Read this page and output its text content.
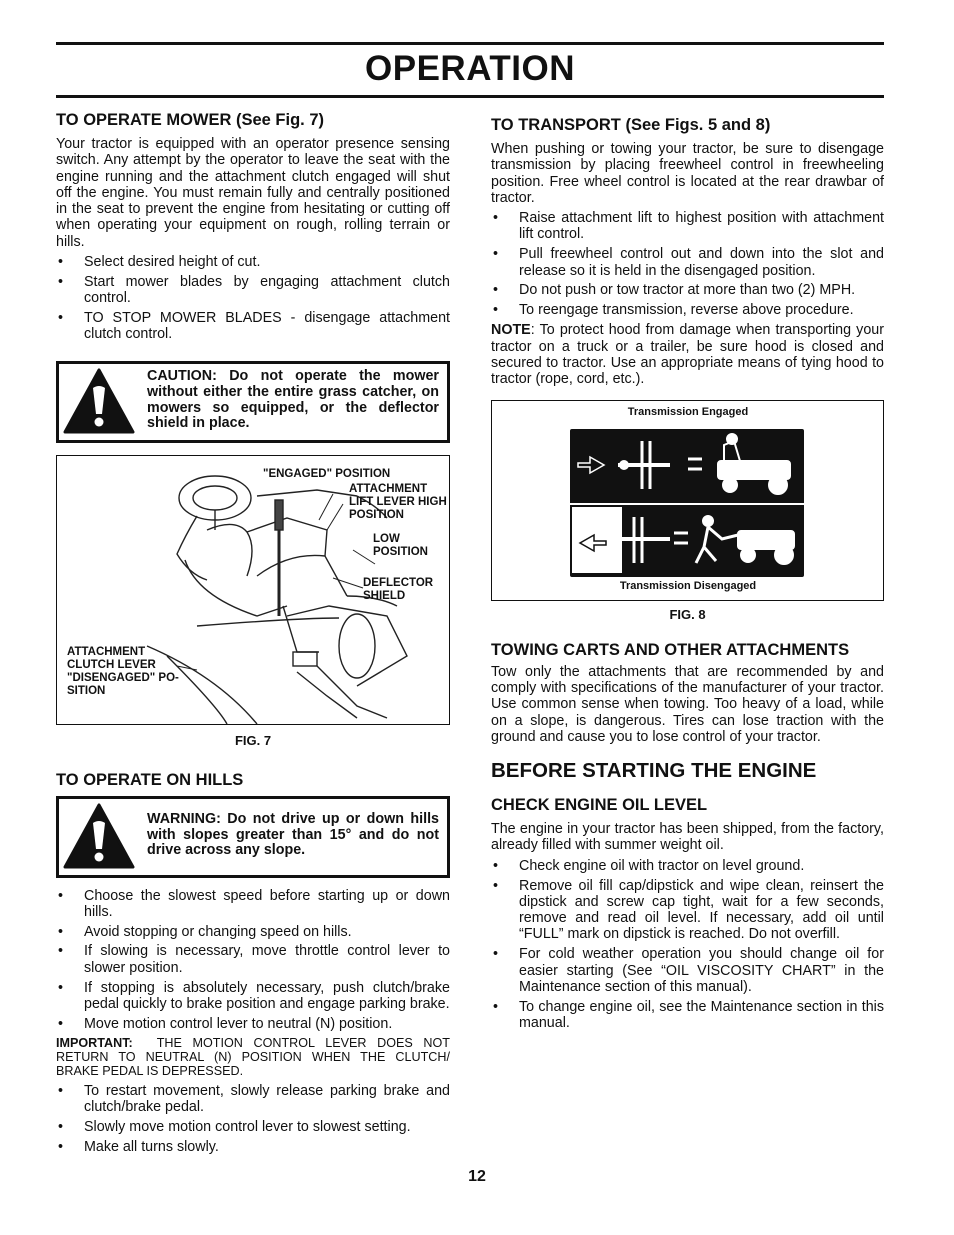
OPERATION
TO OPERATE MOWER (See Fig. 7)

Your tractor is equipped with an operator presence sensing switch. Any attempt by the operator to leave the seat with the engine running and the attachment clutch engaged will shut off the engine. You must remain fully and centrally positioned in the seat to prevent the engine from hesitating or cutting off when operating your equipment on rough, rolling terrain or hills.

• Select desired height of cut.
• Start mower blades by engaging attachment clutch control.
• TO STOP MOWER BLADES - disengage attachment clutch control.
CAUTION: Do not operate the mower without either the entire grass catcher, on mowers so equipped, or the deflector shield in place.
"ENGAGED" POSITION
ATTACHMENT LIFT LEVER HIGH POSITION
LOW POSITION
DEFLECTOR SHIELD
ATTACHMENT CLUTCH LEVER "DISENGAGED" PO- SITION
FIG. 7
TO OPERATE ON HILLS
WARNING: Do not drive up or down hills with slopes greater than 15° and do not drive across any slope.
• Choose the slowest speed before starting up or down hills.
• Avoid stopping or changing speed on hills.
• If slowing is necessary, move throttle control lever to slower position.
• If stopping is absolutely necessary, push clutch/brake pedal quickly to brake position and engage parking brake.
• Move motion control lever to neutral (N) position.
IMPORTANT: THE MOTION CONTROL LEVER DOES NOT RETURN TO NEUTRAL (N) POSITION WHEN THE CLUTCH/ BRAKE PEDAL IS DEPRESSED.
• To restart movement, slowly release parking brake and clutch/brake pedal.
• Slowly move motion control lever to slowest setting.
• Make all turns slowly.
TO TRANSPORT (See Figs. 5 and 8)

When pushing or towing your tractor, be sure to disengage transmission by placing freewheel control in freewheeling position. Free wheel control is located at the rear drawbar of tractor.

• Raise attachment lift to highest position with attachment lift control.
• Pull freewheel control out and down into the slot and release so it is held in the disengaged position.
• Do not push or tow tractor at more than two (2) MPH.
• To reengage transmission, reverse above procedure.

NOTE: To protect hood from damage when transporting your tractor on a truck or a trailer, be sure hood is closed and secured to tractor. Use an appropriate means of tying hood to tractor (rope, cord, etc.).

Transmission Engaged
Transmission Disengaged
FIG. 8
TOWING CARTS AND OTHER ATTACHMENTS

Tow only the attachments that are recommended by and comply with specifications of the manufacturer of your tractor. Use common sense when towing. Too heavy of a load, while on a slope, is dangerous. Tires can lose traction with the ground and cause you to lose control of your tractor.

BEFORE STARTING THE ENGINE
CHECK ENGINE OIL LEVEL

The engine in your tractor has been shipped, from the factory, already filled with summer weight oil.

• Check engine oil with tractor on level ground.
• Remove oil fill cap/dipstick and wipe clean, reinsert the dipstick and screw cap tight, wait for a few seconds, remove and read oil level. If necessary, add oil until “FULL” mark on dipstick is reached. Do not overfill.
• For cold weather operation you should change oil for easier starting (See “OIL VISCOSITY CHART” in the Maintenance section of this manual).
• To change engine oil, see the Maintenance section in this manual.
12
